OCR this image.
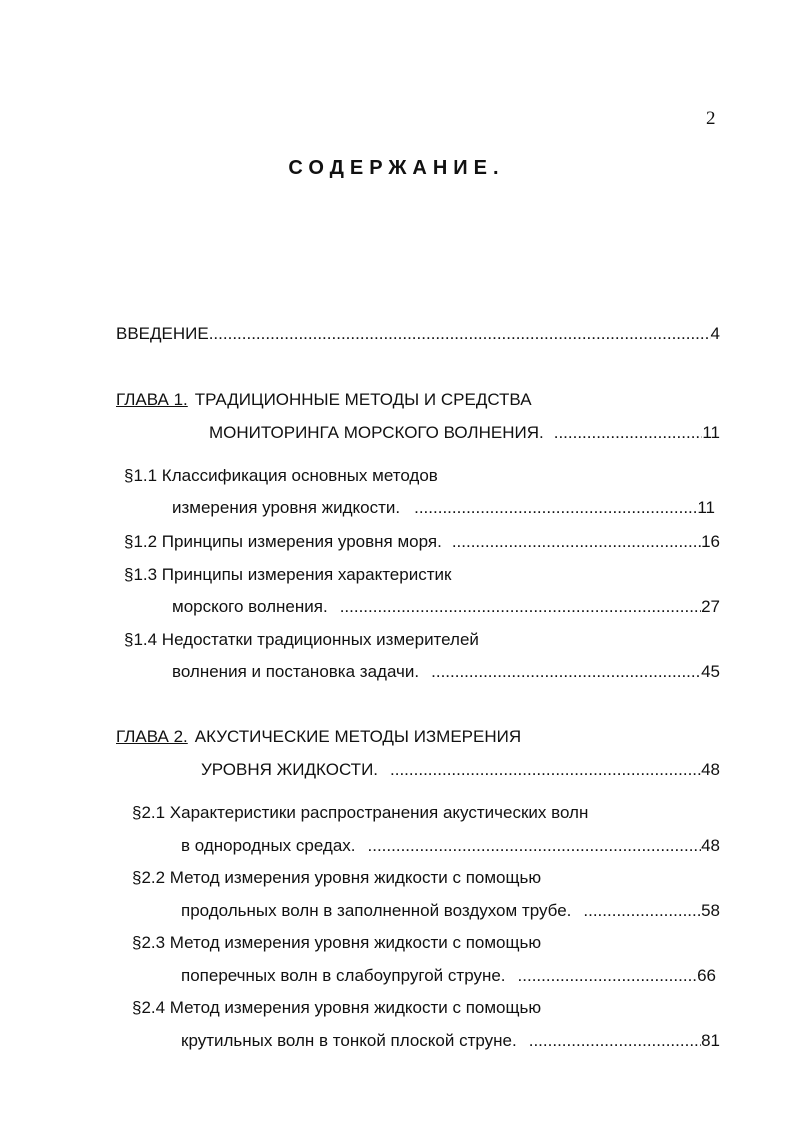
2
СОДЕРЖАНИЕ.
ВВЕДЕНИЕ .....	4
ГЛАВА 1. ТРАДИЦИОННЫЕ МЕТОДЫ И СРЕДСТВА
МОНИТОРИНГА МОРСКОГО ВОЛНЕНИЯ. .....	11
§1.1 Классификация основных методов
измерения уровня жидкости. .....	11
§1.2 Принципы измерения уровня моря. .....	16
§1.3 Принципы измерения характеристик
морского волнения. .....	27
§1.4 Недостатки традиционных измерителей
волнения и постановка задачи. .....	45
ГЛАВА 2. АКУСТИЧЕСКИЕ МЕТОДЫ ИЗМЕРЕНИЯ
УРОВНЯ ЖИДКОСТИ. .....	48
§2.1 Характеристики распространения акустических волн
в однородных средах. .....	48
§2.2 Метод измерения уровня жидкости с помощью
продольных волн в заполненной воздухом трубе. .....	58
§2.3 Метод измерения уровня жидкости с помощью
поперечных волн в слабоупругой струне. .....	66
§2.4 Метод измерения уровня жидкости с помощью
крутильных волн в тонкой плоской струне. .....	81
